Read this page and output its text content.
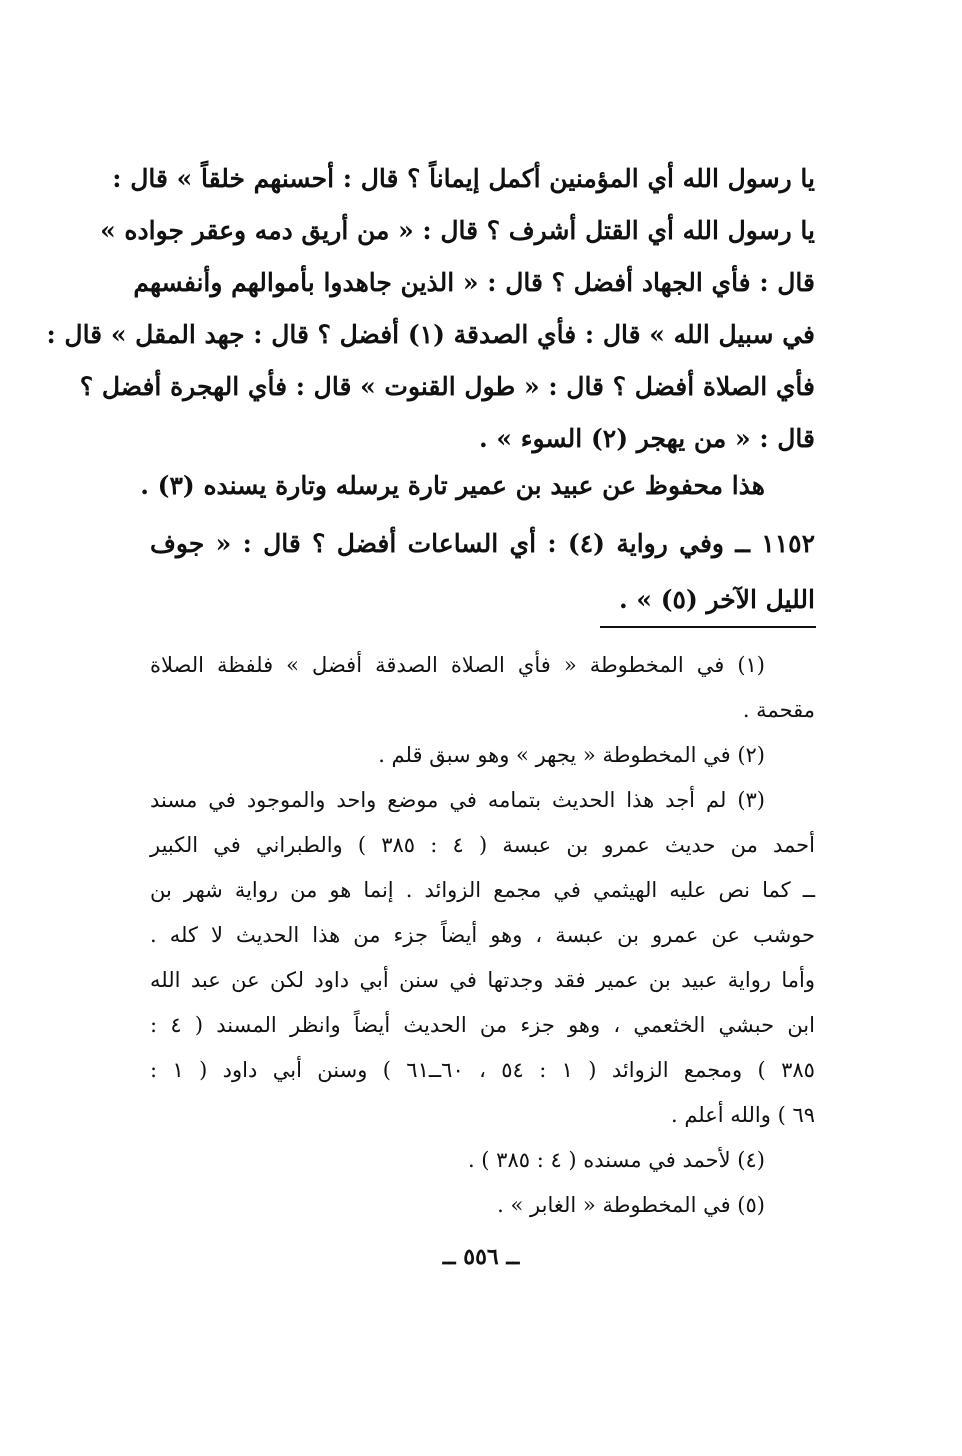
يا رسول الله أي المؤمنين أكمل إيماناً ؟ قال : أحسنهم خلقاً » قال :
يا رسول الله أي القتل أشرف ؟ قال : « من أريق دمه وعقر جواده »
قال : فأي الجهاد أفضل ؟ قال : « الذين جاهدوا بأموالهم وأنفسهم
في سبيل الله » قال : فأي الصدقة (١) أفضل ؟ قال : جهد المقل » قال :
فأي الصلاة أفضل ؟ قال : « طول القنوت » قال : فأي الهجرة أفضل ؟
قال : « من يهجر (٢) السوء » .
هذا محفوظ عن عبيد بن عمير تارة يرسله وتارة يسنده (٣) .
١١٥٢ ــ وفي رواية (٤) : أي الساعات أفضل ؟ قال : « جوف
الليل الآخر (٥) » .
(١) في المخطوطة « فأي الصلاة الصدقة أفضل » فلفظة الصلاة
مقحمة .
(٢) في المخطوطة « يجهر » وهو سبق قلم .
(٣) لم أجد هذا الحديث بتمامه في موضع واحد والموجود في مسند
أحمد من حديث عمرو بن عبسة ( ٤ : ٣٨٥ ) والطبراني في الكبير
ــ كما نص عليه الهيثمي في مجمع الزوائد . إنما هو من رواية شهر بن
حوشب عن عمرو بن عبسة ، وهو أيضاً جزء من هذا الحديث لا كله .
وأما رواية عبيد بن عمير فقد وجدتها في سنن أبي داود لكن عن عبد الله
ابن حبشي الخثعمي ، وهو جزء من الحديث أيضاً وانظر المسند ( ٤ :
٣٨٥ ) ومجمع الزوائد ( ١ : ٥٤ ، ٦٠ــ٦١ ) وسنن أبي داود ( ١ :
٦٩ ) والله أعلم .
(٤) لأحمد في مسنده ( ٤ : ٣٨٥ ) .
(٥) في المخطوطة « الغابر » .
ــ ٥٥٦ ــ
